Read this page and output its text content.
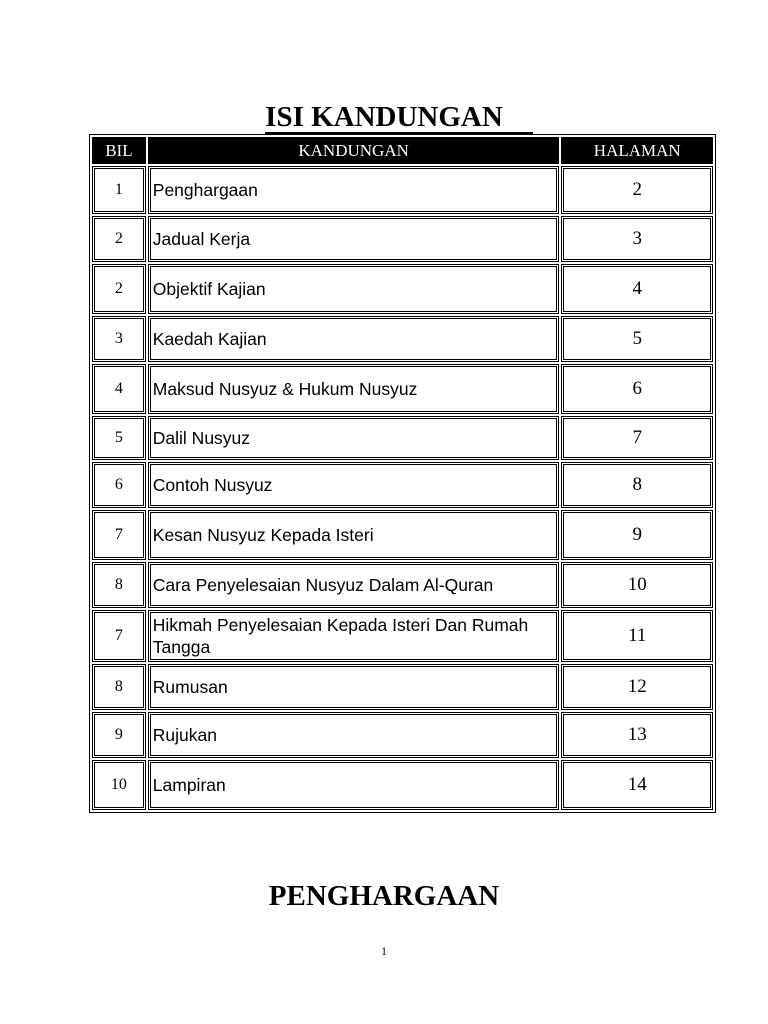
ISI KANDUNGAN
BIL	KANDUNGAN	HALAMAN
1	Penghargaan	2
2	Jadual Kerja	3
2	Objektif Kajian	4
3	Kaedah Kajian	5
4	Maksud Nusyuz & Hukum Nusyuz	6
5	Dalil Nusyuz	7
6	Contoh Nusyuz	8
7	Kesan Nusyuz Kepada Isteri	9
8	Cara Penyelesaian Nusyuz Dalam Al-Quran	10
7	Hikmah Penyelesaian Kepada Isteri Dan Rumah Tangga	11
8	Rumusan	12
9	Rujukan	13
10	Lampiran	14
PENGHARGAAN
1
